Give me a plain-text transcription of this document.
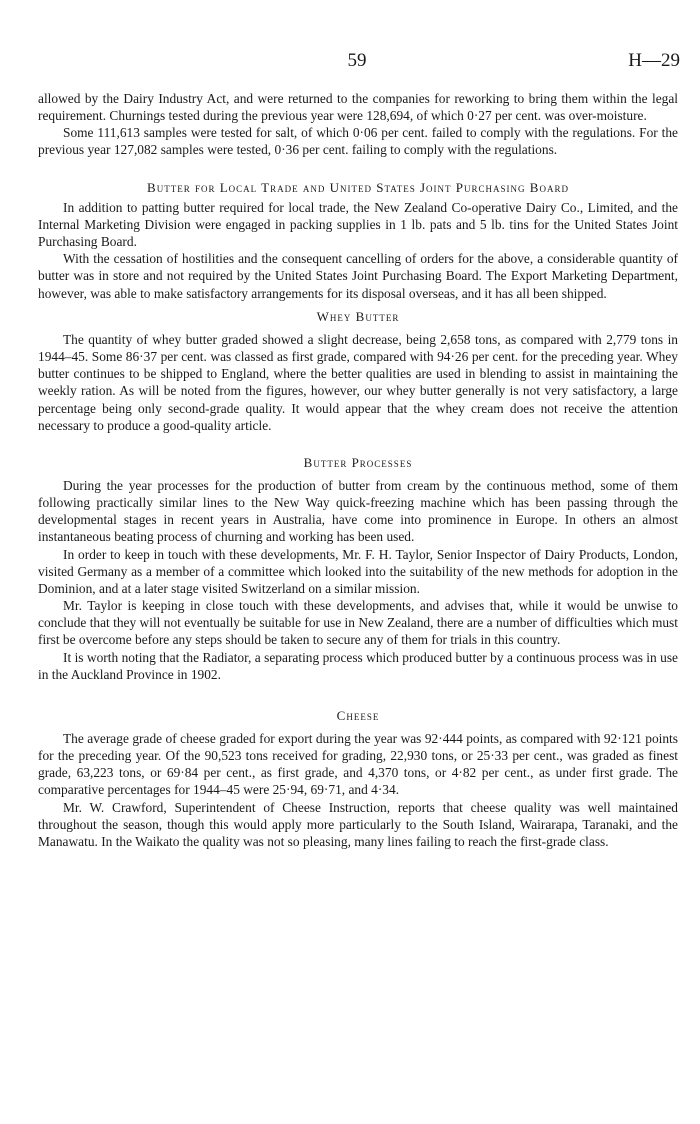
59	H—29

allowed by the Dairy Industry Act, and were returned to the companies for reworking to bring them within the legal requirement. Churnings tested during the previous year were 128,694, of which 0·27 per cent. was over-moisture.

Some 111,613 samples were tested for salt, of which 0·06 per cent. failed to comply with the regulations. For the previous year 127,082 samples were tested, 0·36 per cent. failing to comply with the regulations.

Butter for Local Trade and United States Joint Purchasing Board

In addition to patting butter required for local trade, the New Zealand Co-operative Dairy Co., Limited, and the Internal Marketing Division were engaged in packing supplies in 1 lb. pats and 5 lb. tins for the United States Joint Purchasing Board.

With the cessation of hostilities and the consequent cancelling of orders for the above, a considerable quantity of butter was in store and not required by the United States Joint Purchasing Board. The Export Marketing Department, however, was able to make satisfactory arrangements for its disposal overseas, and it has all been shipped.

Whey Butter

The quantity of whey butter graded showed a slight decrease, being 2,658 tons, as compared with 2,779 tons in 1944–45. Some 86·37 per cent. was classed as first grade, compared with 94·26 per cent. for the preceding year. Whey butter continues to be shipped to England, where the better qualities are used in blending to assist in maintaining the weekly ration. As will be noted from the figures, however, our whey butter generally is not very satisfactory, a large percentage being only second-grade quality. It would appear that the whey cream does not receive the attention necessary to produce a good-quality article.

Butter Processes

During the year processes for the production of butter from cream by the continuous method, some of them following practically similar lines to the New Way quick-freezing machine which has been passing through the developmental stages in recent years in Australia, have come into prominence in Europe. In others an almost instantaneous beating process of churning and working has been used.

In order to keep in touch with these developments, Mr. F. H. Taylor, Senior Inspector of Dairy Products, London, visited Germany as a member of a committee which looked into the suitability of the new methods for adoption in the Dominion, and at a later stage visited Switzerland on a similar mission.

Mr. Taylor is keeping in close touch with these developments, and advises that, while it would be unwise to conclude that they will not eventually be suitable for use in New Zealand, there are a number of difficulties which must first be overcome before any steps should be taken to secure any of them for trials in this country.

It is worth noting that the Radiator, a separating process which produced butter by a continuous process was in use in the Auckland Province in 1902.

Cheese

The average grade of cheese graded for export during the year was 92·444 points, as compared with 92·121 points for the preceding year. Of the 90,523 tons received for grading, 22,930 tons, or 25·33 per cent., was graded as finest grade, 63,223 tons, or 69·84 per cent., as first grade, and 4,370 tons, or 4·82 per cent., as under first grade. The comparative percentages for 1944–45 were 25·94, 69·71, and 4·34.

Mr. W. Crawford, Superintendent of Cheese Instruction, reports that cheese quality was well maintained throughout the season, though this would apply more particularly to the South Island, Wairarapa, Taranaki, and the Manawatu. In the Waikato the quality was not so pleasing, many lines failing to reach the first-grade class.
